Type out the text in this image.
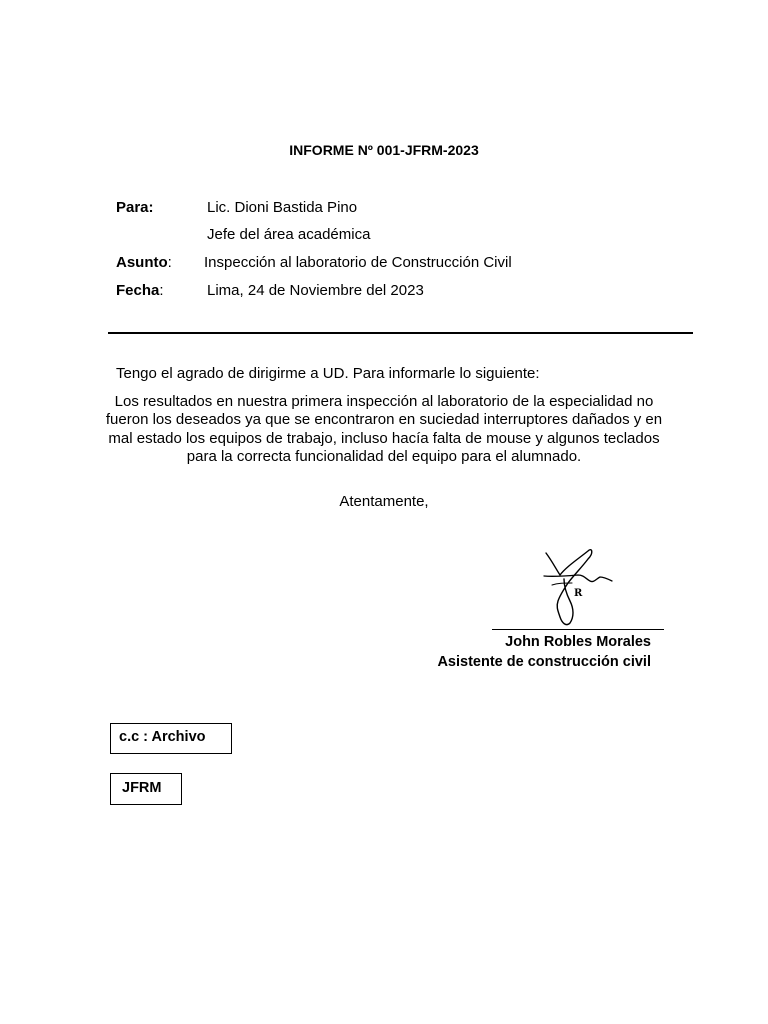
INFORME Nº 001-JFRM-2023
Para:	Lic. Dioni Bastida Pino
Jefe del área académica
Asunto: Inspección al laboratorio de Construcción Civil
Fecha:	Lima, 24 de Noviembre del 2023
Tengo el agrado de dirigirme a UD. Para informarle lo siguiente:
Los resultados en nuestra primera inspección al laboratorio de la especialidad no fueron los deseados ya que se encontraron en suciedad interruptores dañados y en mal estado los equipos de trabajo, incluso hacía falta de mouse y algunos teclados para la correcta funcionalidad del equipo para el alumnado.
Atentamente,
R
John Robles Morales
Asistente de construcción civil
c.c : Archivo
JFRM
